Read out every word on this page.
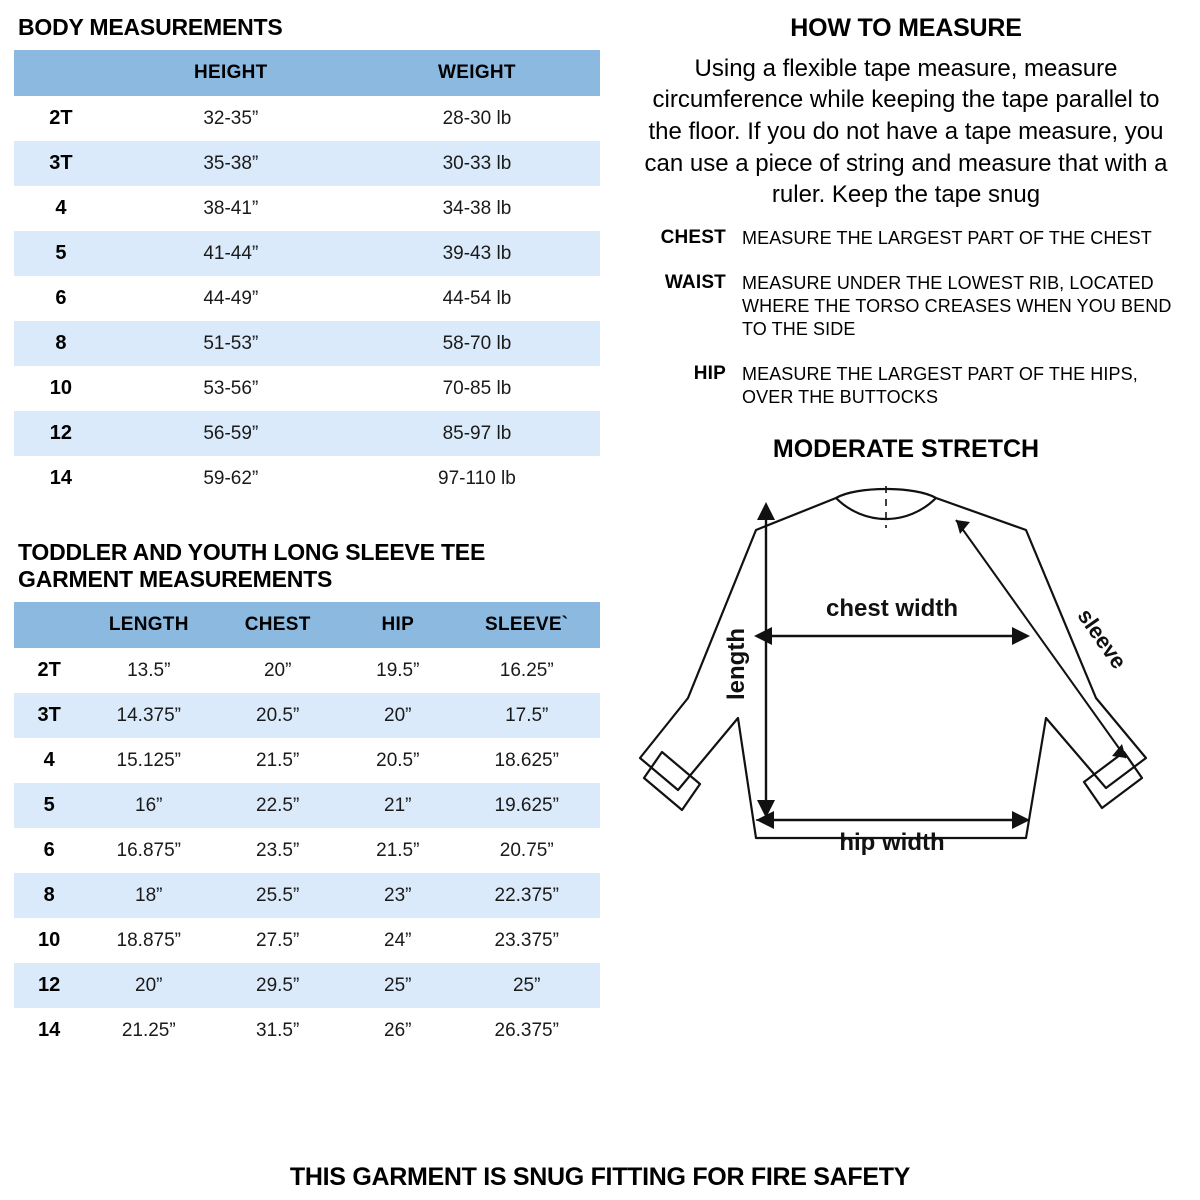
BODY MEASUREMENTS
	HEIGHT	WEIGHT
2T	32-35”	28-30 lb
3T	35-38”	30-33 lb
4	38-41”	34-38 lb
5	41-44”	39-43 lb
6	44-49”	44-54 lb
8	51-53”	58-70 lb
10	53-56”	70-85 lb
12	56-59”	85-97 lb
14	59-62”	97-110 lb
TODDLER AND YOUTH LONG SLEEVE TEE GARMENT MEASUREMENTS
	LENGTH	CHEST	HIP	SLEEVE`
2T	13.5”	20”	19.5”	16.25”
3T	14.375”	20.5”	20”	17.5”
4	15.125”	21.5”	20.5”	18.625”
5	16”	22.5”	21”	19.625”
6	16.875”	23.5”	21.5”	20.75”
8	18”	25.5”	23”	22.375”
10	18.875”	27.5”	24”	23.375”
12	20”	29.5”	25”	25”
14	21.25”	31.5”	26”	26.375”
HOW TO MEASURE

Using a flexible tape measure, measure circumference while keeping the tape parallel to the floor. If you do not have a tape measure, you can use a piece of string and measure that with a ruler. Keep the tape snug

CHEST MEASURE THE LARGEST PART OF THE CHEST
WAIST MEASURE UNDER THE LOWEST RIB, LOCATED WHERE THE TORSO CREASES WHEN YOU BEND TO THE SIDE
HIP MEASURE THE LARGEST PART OF THE HIPS, OVER THE BUTTOCKS
MODERATE STRETCH
sleeve
chest width
hip width
length
THIS GARMENT IS SNUG FITTING FOR FIRE SAFETY
